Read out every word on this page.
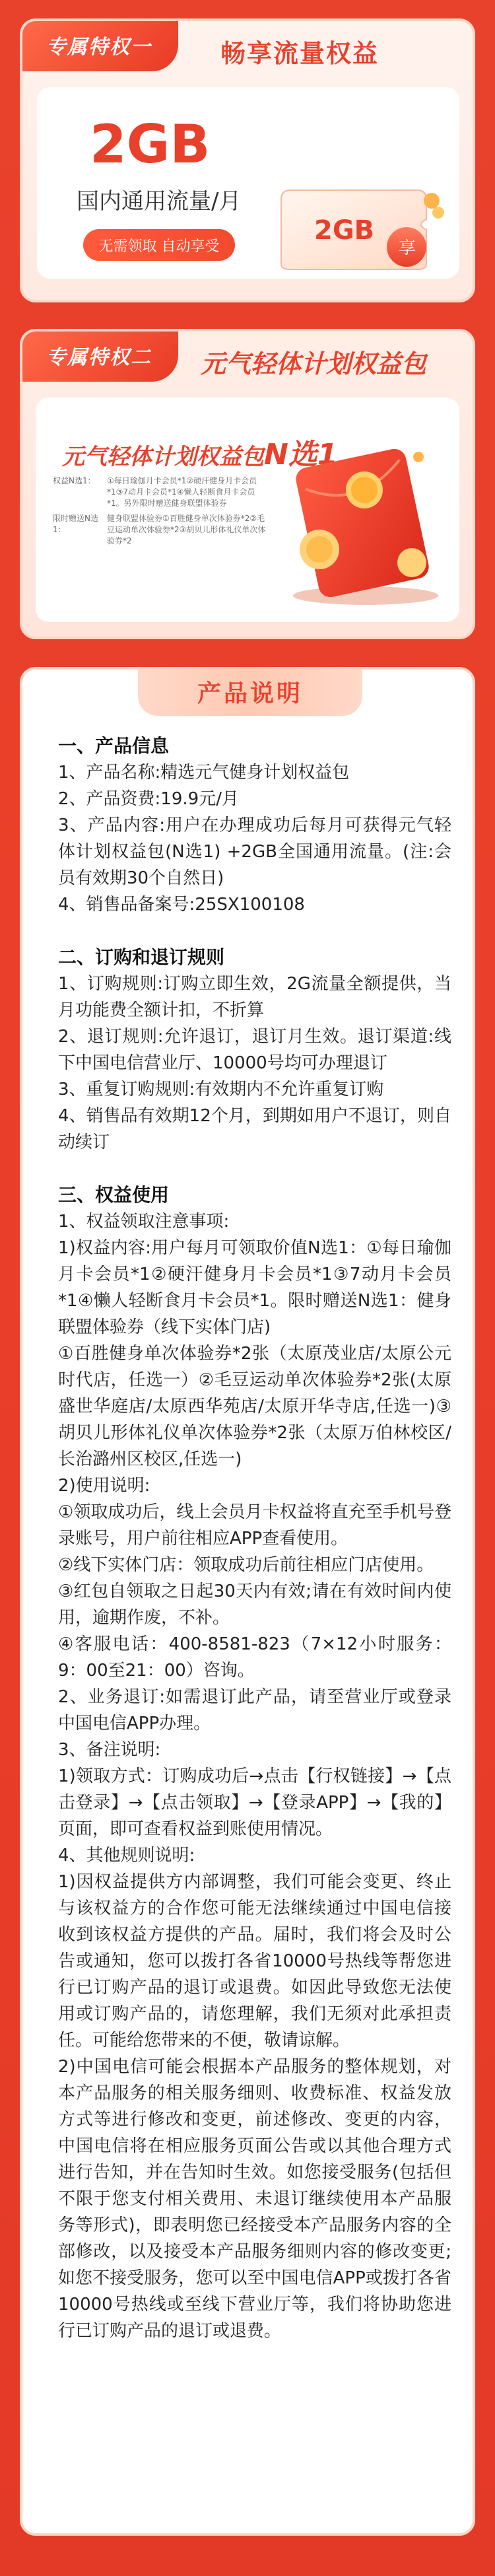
专属特权一	畅享流量权益
2GB
国内通用流量/月
无需领取 自动享受
2GB
享
专属特权二	元气轻体计划权益包
元气轻体计划权益包N选1
权益N选1：	①每日瑜伽月卡会员*1②硬汗健身月卡会员*1③7动月卡会员*1④懒人轻断食月卡会员*1。另外限时赠送健身联盟体验券
限时赠送N选1：
健身联盟体验券①百胜健身单次体验券*2②毛豆运动单次体验券*2③胡贝儿形体礼仪单次体验券*2
产品说明
一、产品信息

1、产品名称:精选元气健身计划权益包

2、产品资费:19.9元/月

3、产品内容:用户在办理成功后每月可获得元气轻体计划权益包(N选1) +2GB全国通用流量。(注:会员有效期30个自然日)

4、销售品备案号:25SX100108

二、订购和退订规则

1、订购规则:订购立即生效，2G流量全额提供，当月功能费全额计扣，不折算

2、退订规则:允许退订，退订月生效。退订渠道:线下中国电信营业厅、10000号均可办理退订

3、重复订购规则:有效期内不允许重复订购

4、销售品有效期12个月，到期如用户不退订，则自动续订

三、权益使用

1、权益领取注意事项:

1)权益内容:用户每月可领取价值N选1：①每日瑜伽月卡会员*1②硬汗健身月卡会员*1③7动月卡会员*1④懒人轻断食月卡会员*1。限时赠送N选1：健身联盟体验券（线下实体门店)

①百胜健身单次体验券*2张（太原茂业店/太原公元时代店，任选一）②毛豆运动单次体验券*2张(太原盛世华庭店/太原西华苑店/太原开华寺店,任选一)③胡贝儿形体礼仪单次体验券*2张（太原万伯林校区/长治潞州区校区,任选一)

2)使用说明:

①领取成功后，线上会员月卡权益将直充至手机号登录账号，用户前往相应APP查看使用。

②线下实体门店：领取成功后前往相应门店使用。

③红包自领取之日起30天内有效;请在有效时间内使用，逾期作废，不补。

④客服电话：400-8581-823（7×12小时服务：9：00至21：00）咨询。

2、业务退订:如需退订此产品，请至营业厅或登录中国电信APP办理。

3、备注说明:

1)领取方式：订购成功后→点击【行权链接】→【点击登录】→【点击领取】→【登录APP】→【我的】页面，即可查看权益到账使用情况。

4、其他规则说明:

1)因权益提供方内部调整，我们可能会变更、终止与该权益方的合作您可能无法继续通过中国电信接收到该权益方提供的产品。届时，我们将会及时公告或通知，您可以拨打各省10000号热线等帮您进行已订购产品的退订或退费。如因此导致您无法使用或订购产品的，请您理解，我们无须对此承担责任。可能给您带来的不便，敬请谅解。

2)中国电信可能会根据本产品服务的整体规划，对本产品服务的相关服务细则、收费标准、权益发放方式等进行修改和变更，前述修改、变更的内容，中国电信将在相应服务页面公告或以其他合理方式进行告知，并在告知时生效。如您接受服务(包括但不限于您支付相关费用、未退订继续使用本产品服务等形式)，即表明您已经接受本产品服务内容的全部修改，以及接受本产品服务细则内容的修改变更;如您不接受服务，您可以至中国电信APP或拨打各省10000号热线或至线下营业厅等，我们将协助您进行已订购产品的退订或退费。
